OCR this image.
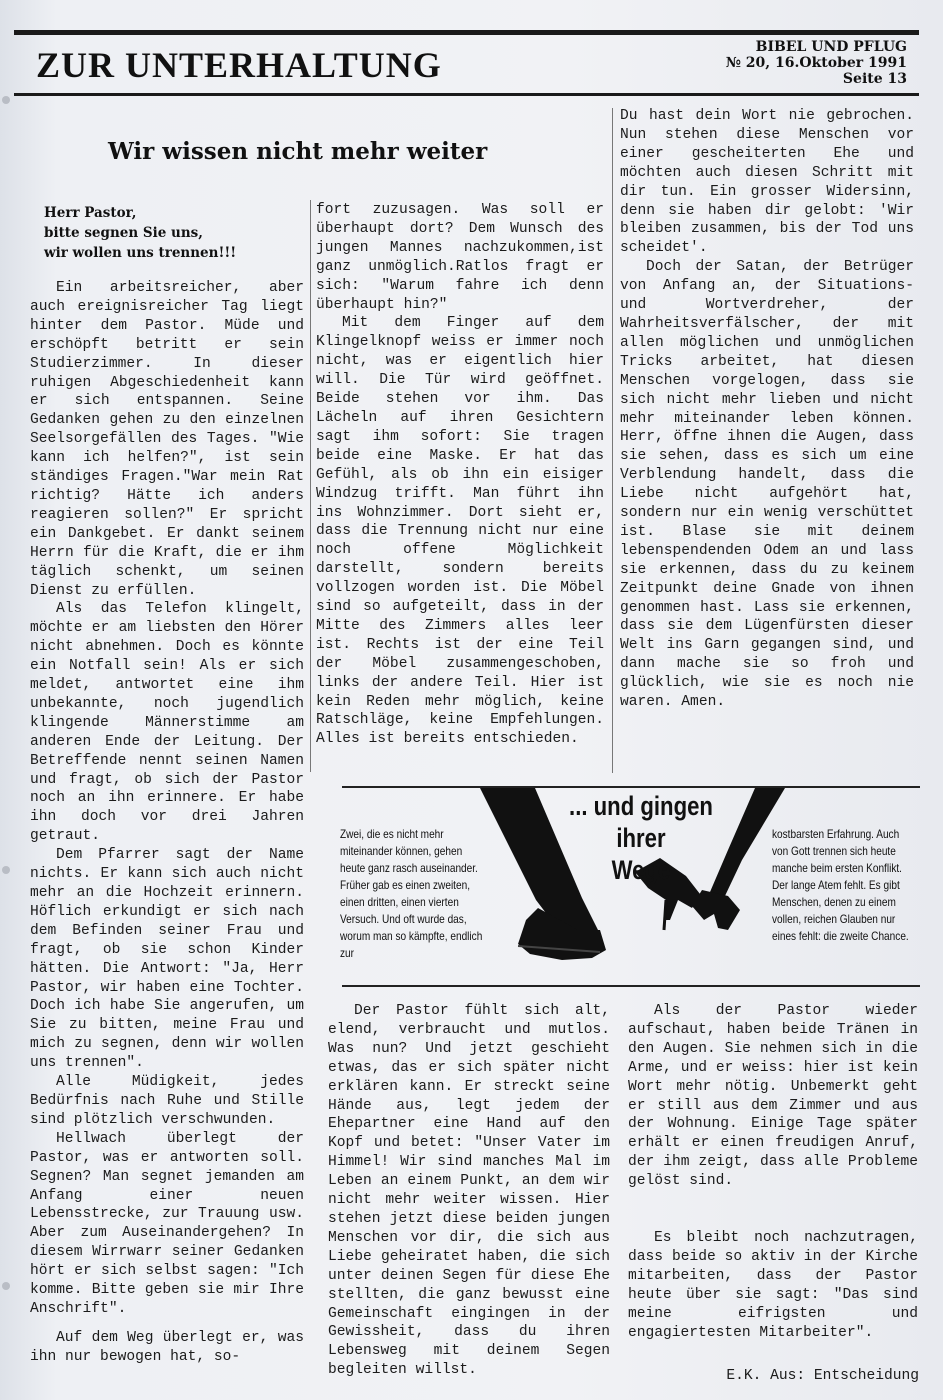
ZUR UNTERHALTUNG	BIBEL UND PFLUG
№ 20, 16.Oktober 1991
Seite 13
Wir wissen nicht mehr weiter
Herr Pastor,
bitte segnen Sie uns,
wir wollen uns trennen!!!

Ein arbeitsreicher, aber auch ereignisreicher Tag liegt hinter dem Pastor. Müde und erschöpft betritt er sein Studierzimmer. In dieser ruhigen Abgeschiedenheit kann er sich entspannen. Seine Gedanken gehen zu den einzelnen Seelsorgefällen des Tages. "Wie kann ich helfen?", ist sein ständiges Fragen."War mein Rat richtig? Hätte ich anders reagieren sollen?" Er spricht ein Dankgebet. Er dankt seinem Herrn für die Kraft, die er ihm täglich schenkt, um seinen Dienst zu erfüllen.

Als das Telefon klingelt, möchte er am liebsten den Hörer nicht abnehmen. Doch es könnte ein Notfall sein! Als er sich meldet, antwortet eine ihm unbekannte, noch jugendlich klingende Männerstimme am anderen Ende der Leitung. Der Betreffende nennt seinen Namen und fragt, ob sich der Pastor noch an ihn erinnere. Er habe ihn doch vor drei Jahren getraut.

Dem Pfarrer sagt der Name nichts. Er kann sich auch nicht mehr an die Hochzeit erinnern. Höflich erkundigt er sich nach dem Befinden seiner Frau und fragt, ob sie schon Kinder hätten. Die Antwort: "Ja, Herr Pastor, wir haben eine Tochter. Doch ich habe Sie angerufen, um Sie zu bitten, meine Frau und mich zu segnen, denn wir wollen uns trennen".

Alle Müdigkeit, jedes Bedürfnis nach Ruhe und Stille sind plötzlich verschwunden.

Hellwach überlegt der Pastor, was er antworten soll. Segnen? Man segnet jemanden am Anfang einer neuen Lebensstrecke, zur Trauung usw. Aber zum Auseinandergehen? In diesem Wirrwarr seiner Gedanken hört er sich selbst sagen: "Ich komme. Bitte geben sie mir Ihre Anschrift".

Auf dem Weg überlegt er, was ihn nur bewogen hat, so-

fort zuzusagen. Was soll er überhaupt dort? Dem Wunsch des jungen Mannes nachzukommen,ist ganz unmöglich.Ratlos fragt er sich: "Warum fahre ich denn überhaupt hin?"

Mit dem Finger auf dem Klingelknopf weiss er immer noch nicht, was er eigentlich hier will. Die Tür wird geöffnet. Beide stehen vor ihm. Das Lächeln auf ihren Gesichtern sagt ihm sofort: Sie tragen beide eine Maske. Er hat das Gefühl, als ob ihn ein eisiger Windzug trifft. Man führt ihn ins Wohnzimmer. Dort sieht er, dass die Trennung nicht nur eine noch offene Möglichkeit darstellt, sondern bereits vollzogen worden ist. Die Möbel sind so aufgeteilt, dass in der Mitte des Zimmers alles leer ist. Rechts ist der eine Teil der Möbel zusammengeschoben, links der andere Teil. Hier ist kein Reden mehr möglich, keine Ratschläge, keine Empfehlungen. Alles ist bereits entschieden.

Du hast dein Wort nie gebrochen. Nun stehen diese Menschen vor einer gescheiterten Ehe und möchten auch diesen Schritt mit dir tun. Ein grosser Widersinn, denn sie haben dir gelobt: 'Wir bleiben zusammen, bis der Tod uns scheidet'.

Doch der Satan, der Betrüger von Anfang an, der Situations- und Wortverdreher, der Wahrheitsverfälscher, der mit allen möglichen und unmöglichen Tricks arbeitet, hat diesen Menschen vorgelogen, dass sie sich nicht mehr lieben und nicht mehr miteinander leben können. Herr, öffne ihnen die Augen, dass sie sehen, dass es sich um eine Verblendung handelt, dass die Liebe nicht aufgehört hat, sondern nur ein wenig verschüttet ist. Blase sie mit deinem lebenspendenden Odem an und lass sie erkennen, dass du zu keinem Zeitpunkt deine Gnade von ihnen genommen hast. Lass sie erkennen, dass sie dem Lügenfürsten dieser Welt ins Garn gegangen sind, und dann mache sie so froh und glücklich, wie sie es noch nie waren. Amen.

... und gingen
ihrer
Wege
Zwei, die es nicht mehr miteinander können, gehen heute ganz rasch auseinander. Früher gab es einen zweiten, einen dritten, einen vierten Versuch. Und oft wurde das, worum man so kämpfte, endlich zur
kostbarsten Erfahrung. Auch von Gott trennen sich heute manche beim ersten Konflikt. Der lange Atem fehlt. Es gibt Menschen, denen zu einem vollen, reichen Glauben nur eines fehlt: die zweite Chance.

Der Pastor fühlt sich alt, elend, verbraucht und mutlos. Was nun? Und jetzt geschieht etwas, das er sich später nicht erklären kann. Er streckt seine Hände aus, legt jedem der Ehepartner eine Hand auf den Kopf und betet: "Unser Vater im Himmel! Wir sind manches Mal im Leben an einem Punkt, an dem wir nicht mehr weiter wissen. Hier stehen jetzt diese beiden jungen Menschen vor dir, die sich aus Liebe geheiratet haben, die sich unter deinen Segen für diese Ehe stellten, die ganz bewusst eine Gemeinschaft eingingen in der Gewissheit, dass du ihren Lebensweg mit deinem Segen begleiten willst.

Als der Pastor wieder aufschaut, haben beide Tränen in den Augen. Sie nehmen sich in die Arme, und er weiss: hier ist kein Wort mehr nötig. Unbemerkt geht er still aus dem Zimmer und aus der Wohnung. Einige Tage später erhält er einen freudigen Anruf, der ihm zeigt, dass alle Probleme gelöst sind.

Es bleibt noch nachzutragen, dass beide so aktiv in der Kirche mitarbeiten, dass der Pastor heute über sie sagt: "Das sind meine eifrigsten und engagiertesten Mitarbeiter".

E.K. Aus: Entscheidung
